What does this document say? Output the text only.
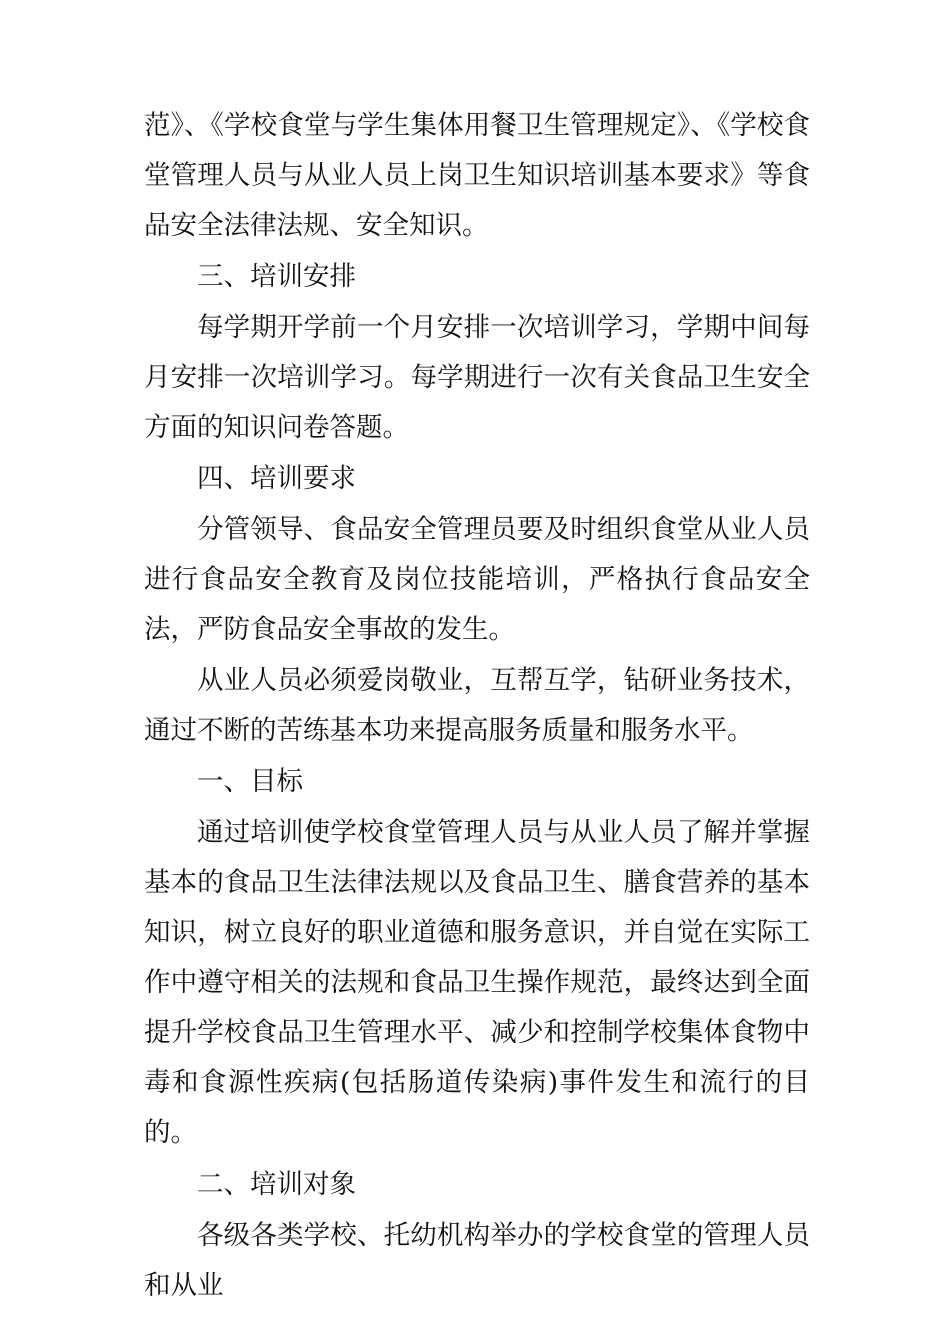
范》、《学校食堂与学生集体用餐卫生管理规定》、《学校食堂管理人员与从业人员上岗卫生知识培训基本要求》等食品安全法律法规、安全知识。

三、培训安排

每学期开学前一个月安排一次培训学习，学期中间每月安排一次培训学习。每学期进行一次有关食品卫生安全方面的知识问卷答题。

四、培训要求

分管领导、食品安全管理员要及时组织食堂从业人员进行食品安全教育及岗位技能培训，严格执行食品安全法，严防食品安全事故的发生。

从业人员必须爱岗敬业，互帮互学，钻研业务技术，通过不断的苦练基本功来提高服务质量和服务水平。

一、目标

通过培训使学校食堂管理人员与从业人员了解并掌握基本的食品卫生法律法规以及食品卫生、膳食营养的基本知识，树立良好的职业道德和服务意识，并自觉在实际工作中遵守相关的法规和食品卫生操作规范，最终达到全面提升学校食品卫生管理水平、减少和控制学校集体食物中毒和食源性疾病(包括肠道传染病)事件发生和流行的目的。

二、培训对象

各级各类学校、托幼机构举办的学校食堂的管理人员和从业
